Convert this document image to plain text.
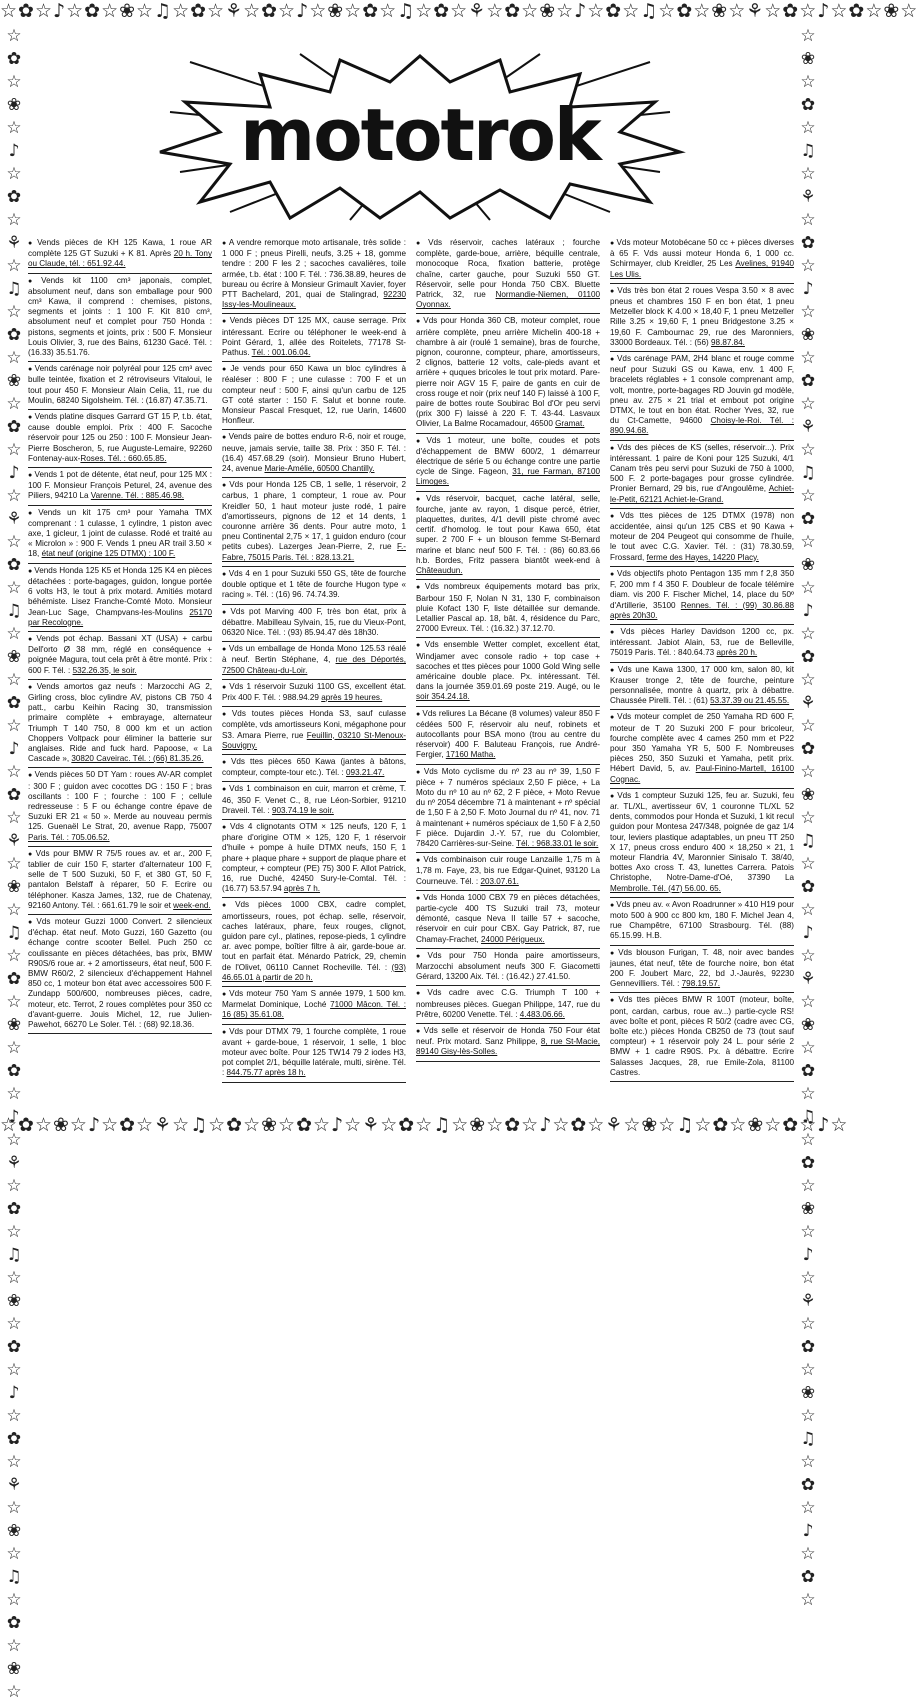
☆✿☆♪☆✿☆❀☆♫☆✿☆⚘☆✿☆♪☆❀☆✿☆♫☆✿☆⚘☆✿☆❀☆♪☆✿☆♫☆✿☆❀☆⚘☆✿☆♪☆✿☆❀☆
☆✿☆❀☆♪☆✿☆⚘☆♫☆✿☆❀☆✿☆♪☆⚘☆✿☆♫☆❀☆✿☆♪☆✿☆⚘☆❀☆♫☆✿☆❀☆✿☆♪☆
☆✿☆❀☆♪☆✿☆⚘☆♫☆✿☆❀☆✿☆♪☆⚘☆✿☆♫☆❀☆✿☆♪☆✿☆⚘☆❀☆♫☆✿☆❀☆✿☆♪☆⚘☆✿☆♫☆❀☆✿☆♪☆✿☆⚘☆❀☆♫☆✿☆❀☆	☆❀☆✿☆♫☆⚘☆✿☆♪☆❀☆✿☆⚘☆♫☆✿☆❀☆♪☆✿☆⚘☆✿☆❀☆♫☆✿☆♪☆⚘☆❀☆✿☆♫☆✿☆❀☆♪☆⚘☆✿☆❀☆♫☆✿☆♪☆✿☆
mototrok
● Vends pièces de KH 125 Kawa, 1 roue AR complète 125 GT Suzuki + K 81. Après 20 h. Tony ou Claude, tél. : 651.92.44.
● Vends kit 1100 cm³ japonais, complet, absolument neuf, dans son emballage pour 900 cm³ Kawa, il comprend : chemises, pistons, segments et joints : 1 100 F. Kit 810 cm³, absolument neuf et complet pour 750 Honda : pistons, segments et joints, prix : 500 F. Monsieur Louis Olivier, 3, rue des Bains, 61230 Gacé. Tél. : (16.33) 35.51.76.
● Vends carénage noir polyréal pour 125 cm³ avec bulle teintée, fixation et 2 rétroviseurs Vitaloui, le tout pour 450 F. Monsieur Alain Celia, 11, rue du Moulin, 68240 Sigolsheim. Tél. : (16.87) 47.35.71.
● Vends platine disques Garrard GT 15 P, t.b. état, cause double emploi. Prix : 400 F. Sacoche réservoir pour 125 ou 250 : 100 F. Monsieur Jean-Pierre Boscheron, 5, rue Auguste-Lemaire, 92260 Fontenay-aux-Roses. Tél. : 660.65.85.
● Vends 1 pot de détente, état neuf, pour 125 MX : 100 F. Monsieur François Peturel, 24, avenue des Piliers, 94210 La Varenne. Tél. : 885.46.98.
● Vends un kit 175 cm³ pour Yamaha TMX comprenant : 1 culasse, 1 cylindre, 1 piston avec axe, 1 gicleur, 1 joint de culasse. Rodé et traité au « Microlon » : 900 F. Vends 1 pneu AR trail 3.50 × 18, état neuf (origine 125 DTMX) : 100 F.
● Vends Honda 125 K5 et Honda 125 K4 en pièces détachées : porte-bagages, guidon, longue portée 6 volts H3, le tout à prix motard. Amitiés motard béhémiste. Lisez Franche-Comté Moto. Monsieur Jean-Luc Sage, Champvans-les-Moulins 25170 par Recologne.
● Vends pot échap. Bassani XT (USA) + carbu Dell'orto Ø 38 mm, réglé en conséquence + poignée Magura, tout cela prêt à être monté. Prix : 600 F. Tél. : 532.26.35, le soir.
● Vends amortos gaz neufs : Marzocchi AG 2, Girling cross, bloc cylindre AV, pistons CB 750 4 patt., carbu Keihin Racing 30, transmission primaire complète + embrayage, alternateur Triumph T 140 750, 8 000 km et un action Choppers Voltpack pour éliminer la batterie sur anglaises. Ride and fuck hard. Papoose, « La Cascade », 30820 Caveirac. Tél. : (66) 81.35.26.
● Vends pièces 50 DT Yam : roues AV-AR complet : 300 F ; guidon avec cocottes DG : 150 F ; bras oscillants : 100 F ; fourche : 100 F ; cellule redresseuse : 5 F ou échange contre épave de Suzuki ER 21 « 50 ». Merde au nouveau permis 125. Guenaël Le Strat, 20, avenue Rapp, 75007 Paris. Tél. : 705.06.52.
● Vds pour BMW R 75/5 roues av. et ar., 200 F, tablier de cuir 150 F, starter d'alternateur 100 F, selle de T 500 Suzuki, 50 F, et 380 GT, 50 F, pantalon Belstaff à réparer, 50 F. Ecrire ou téléphoner. Kasza James, 132, rue de Chatenay, 92160 Antony. Tél. : 661.61.79 le soir et week-end.
● Vds moteur Guzzi 1000 Convert. 2 silencieux d'échap. état neuf. Moto Guzzi, 160 Gazetto (ou échange contre scooter Bellel. Puch 250 cc coulissante en pièces détachées, bas prix, BMW R90S/6 roue ar. + 2 amortisseurs, état neuf, 500 F. BMW R60/2, 2 silencieux d'échappement Hahnel 850 cc, 1 moteur bon état avec accessoires 500 F. Zundapp 500/600, nombreuses pièces, cadre, moteur, etc. Terrot, 2 roues complètes pour 350 cc d'avant-guerre. Jouis Michel, 12, rue Julien-Pawehot, 66270 Le Soler. Tél. : (68) 92.18.36.
● A vendre remorque moto artisanale, très solide : 1 000 F ; pneus Pirelli, neufs, 3.25 + 18, gomme tendre : 200 F les 2 ; sacoches cavalières, toile armée, t.b. état : 100 F. Tél. : 736.38.89, heures de bureau ou écrire à Monsieur Grimault Xavier, foyer PTT Bachelard, 201, quai de Stalingrad, 92230 Issy-les-Moulineaux.
● Vends pièces DT 125 MX, cause serrage. Prix intéressant. Ecrire ou téléphoner le week-end à Point Gérard, 1, allée des Roitelets, 77178 St-Pathus. Tél. : 001.06.04.
● Je vends pour 650 Kawa un bloc cylindres à réaléser : 800 F ; une culasse : 700 F et un compteur neuf : 500 F, ainsi qu'un carbu de 125 GT coté starter : 150 F. Salut et bonne route. Monsieur Pascal Fresquet, 12, rue Uarin, 14600 Honfleur.
● Vends paire de bottes enduro R-6, noir et rouge, neuve, jamais servie, taille 38. Prix : 350 F. Tél. : (16.4) 457.68.29 (soir). Monsieur Bruno Hubert, 24, avenue Marie-Amélie, 60500 Chantilly.
● Vds pour Honda 125 CB, 1 selle, 1 réservoir, 2 carbus, 1 phare, 1 compteur, 1 roue av. Pour Kreidler 50, 1 haut moteur juste rodé, 1 paire d'amortisseurs, pignons de 12 et 14 dents, 1 couronne arrière 36 dents. Pour autre moto, 1 pneu Continental 2,75 × 17, 1 guidon enduro (cour petits cubes). Lazerges Jean-Pierre, 2, rue F.-Fabre, 75015 Paris. Tél. : 828.13.21.
● Vds 4 en 1 pour Suzuki 550 GS, tête de fourche double optique et 1 tête de fourche Hugon type « racing ». Tél. : (16) 96. 74.74.39.
● Vds pot Marving 400 F, très bon état, prix à débattre. Mabilleau Sylvain, 15, rue du Vieux-Pont, 06320 Nice. Tél. : (93) 85.94.47 dès 18h30.
● Vds un emballage de Honda Mono 125.53 réalé à neuf. Bertin Stéphane, 4, rue des Déportés, 72500 Château-du-Loir.
● Vds 1 réservoir Suzuki 1100 GS, excellent état. Prix 400 F. Tél. : 988.94.29 après 19 heures.
● Vds toutes pièces Honda S3, sauf culasse complète, vds amortisseurs Koni, mégaphone pour S3. Amara Pierre, rue Feuillin, 03210 St-Menoux-Souvigny.
● Vds ttes pièces 650 Kawa (jantes à bâtons, compteur, compte-tour etc.). Tél. : 093.21.47.
● Vds 1 combinaison en cuir, marron et crème, T. 46, 350 F. Venet C., 8, rue Léon-Sorbier, 91210 Draveil. Tél. : 903.74.19 le soir.
● Vds 4 clignotants OTM × 125 neufs, 120 F, 1 phare d'origine OTM × 125, 120 F, 1 réservoir d'huile + pompe à huile DTMX neufs, 150 F, 1 phare + plaque phare + support de plaque phare et compteur, + compteur (PE) 75) 300 F. Allot Patrick, 16, rue Duché, 42450 Sury-le-Comtal. Tél. : (16.77) 53.57.94 après 7 h.
● Vds pièces 1000 CBX, cadre complet, amortisseurs, roues, pot échap. selle, réservoir, caches latéraux, phare, feux rouges, clignot, guidon pare cyl., platines, repose-pieds, 1 cylindre ar. avec pompe, boîtier filtre à air, garde-boue ar. tout en parfait état. Ménardo Patrick, 29, chemin de l'Olivet, 06110 Cannet Rocheville. Tél. : (93) 46.65.01 à partir de 20 h.
● Vds moteur 750 Yam S année 1979, 1 500 km. Marmelat Dominique, Loché 71000 Mâcon. Tél. : 16 (85) 35.61.08.
● Vds pour DTMX 79, 1 fourche complète, 1 roue avant + garde-boue, 1 réservoir, 1 selle, 1 bloc moteur avec boîte. Pour 125 TW14 79 2 iodes H3, pot complet 2/1, béquille latérale, multi, sirène. Tél. : 844.75.77 après 18 h.
● Vds réservoir, caches latéraux ; fourche complète, garde-boue, arrière, béquille centrale, monocoque Roca, fixation batterie, protège chaîne, carter gauche, pour Suzuki 550 GT. Réservoir, selle pour Honda 750 CBX. Bluette Patrick, 32, rue Normandie-Niemen, 01100 Oyonnax.
● Vds pour Honda 360 CB, moteur complet, roue arrière complète, pneu arrière Michelin 400-18 + chambre à air (roulé 1 semaine), bras de fourche, pignon, couronne, compteur, phare, amortisseurs, 2 clignos, batterie 12 volts, cale-pieds avant et arrière + quques bricoles le tout prix motard. Pare-pierre noir AGV 15 F, paire de gants en cuir de cross rouge et noir (prix neuf 140 F) laissé à 100 F, paire de bottes route Soubirac Bol d'Or peu servi (prix 300 F) laissé à 220 F. T. 43-44. Lasvaux Olivier, La Balme Rocamadour, 46500 Gramat.
● Vds 1 moteur, une boîte, coudes et pots d'échappement de BMW 600/2, 1 démarreur électrique de série 5 ou échange contre une partie cycle de Singe. Fageon, 31, rue Farman, 87100 Limoges.
● Vds réservoir, bacquet, cache latéral, selle, fourche, jante av. rayon, 1 disque percé, étrier, plaquettes, durites, 4/1 devill piste chromé avec certif. d'homolog. le tout pour Kawa 650, état super. 2 700 F + un blouson femme St-Bernard marine et blanc neuf 500 F. Tél. : (86) 60.83.66 h.b. Bordes, Fritz passera biantôt week-end à Châteaudun.
● Vds nombreux équipements motard bas prix, Barbour 150 F, Nolan N 31, 130 F, combinaison pluie Kofact 130 F, liste détaillée sur demande. Letallier Pascal ap. 18, bât. 4, résidence du Parc, 27000 Evreux. Tél. : (16.32.) 37.12.70.
● Vds ensemble Wetter complet, excellent état, Windjamer avec console radio + top case + sacoches et ttes pièces pour 1000 Gold Wing selle américaine double place. Px. intéressant. Tél. dans la journée 359.01.69 poste 219. Augé, ou le soir 354.24.18.
● Vds reliures La Bécane (8 volumes) valeur 850 F cédées 500 F, réservoir alu neuf, robinets et autocollants pour BSA mono (trou au centre du réservoir) 400 F. Baluteau François, rue André-Fergier, 17160 Matha.
● Vds Moto cyclisme du nº 23 au nº 39, 1,50 F pièce + 7 numéros spéciaux 2,50 F pièce, + La Moto du nº 10 au nº 62, 2 F pièce, + Moto Revue du nº 2054 décembre 71 à maintenant + nº spécial de 1,50 F à 2,50 F. Moto Journal du nº 41, nov. 71 à maintenant + numéros spéciaux de 1,50 F à 2,50 F pièce. Dujardin J.-Y. 57, rue du Colombier, 78420 Carrières-sur-Seine. Tél. : 968.33.01 le soir.
● Vds combinaison cuir rouge Lanzaille 1,75 m à 1,78 m. Faye, 23, bis rue Edgar-Quinet, 93120 La Courneuve. Tél. : 203.07.61.
● Vds Honda 1000 CBX 79 en pièces détachées, partie-cycle 400 TS Suzuki trail 73, moteur démonté, casque Neva II taille 57 + sacoche, réservoir en cuir pour CBX. Gay Patrick, 87, rue Chamay-Frachet, 24000 Périgueux.
● Vds pour 750 Honda paire amortisseurs, Marzocchi absolument neufs 300 F. Giacometti Gérard, 13200 Aix. Tél. : (16.42.) 27.41.50.
● Vds cadre avec C.G. Triumph T 100 + nombreuses pièces. Guegan Philippe, 147, rue du Prêtre, 60200 Venette. Tél. : 4.483.06.66.
● Vds selle et réservoir de Honda 750 Four état neuf. Prix motard. Sanz Philippe, 8, rue St-Macie, 89140 Gisy-lès-Solles.
● Vds moteur Motobécane 50 cc + pièces diverses à 65 F. Vds aussi moteur Honda 6, 1 000 cc. Schirmayer, club Kreidler, 25 Les Avelines, 91940 Les Ulis.
● Vds très bon état 2 roues Vespa 3.50 × 8 avec pneus et chambres 150 F en bon état, 1 pneu Metzeller block K 4.00 × 18,40 F, 1 pneu Metzeller Rille 3.25 × 19,60 F, 1 pneu Bridgestone 3.25 × 19,60 F. Cambournac 29, rue des Maronniers, 33000 Bordeaux. Tél. : (56) 98.87.84.
● Vds carénage PAM, 2H4 blanc et rouge comme neuf pour Suzuki GS ou Kawa, env. 1 400 F, bracelets réglables + 1 console comprenant amp, volt, montre, porte-bagages RD Jouvin gd modèle, pneu av. 275 × 21 trial et embout pot origine DTMX, le tout en bon état. Rocher Yves, 32, rue du Ct-Camette, 94600 Choisy-le-Roi. Tél. : 890.94.68.
● Vds des pièces de KS (selles, réservoir...). Prix intéressant. 1 paire de Koni pour 125 Suzuki, 4/1 Canam très peu servi pour Suzuki de 750 à 1000, 500 F. 2 porte-bagages pour grosse cylindrée. Pronier Bernard, 29 bis, rue d'Angoulême, Achiet-le-Petit, 62121 Achiet-le-Grand.
● Vds ttes pièces de 125 DTMX (1978) non accidentée, ainsi qu'un 125 CBS et 90 Kawa + moteur de 204 Peugeot qui consomme de l'huile, le tout avec C.G. Xavier. Tél. : (31) 78.30.59, Frossard, ferme des Hayes, 14220 Placy.
● Vds objectifs photo Pentagon 135 mm f 2,8 350 F, 200 mm f 4 350 F. Doubleur de focale télémire diam. vis 200 F. Fischer Michel, 14, place du 50º d'Artillerie, 35100 Rennes. Tél. : (99) 30.86.88 après 20h30.
● Vds pièces Harley Davidson 1200 cc, px. intéressant. Jabiot Alain, 53, rue de Belleville, 75019 Paris. Tél. : 840.64.73 après 20 h.
● Vds une Kawa 1300, 17 000 km, salon 80, kit Krauser tronge 2, tête de fourche, peinture personnalisée, montre à quartz, prix à débattre. Chaussée Pirelli. Tél. : (61) 53.37.39 ou 21.45.55.
● Vds moteur complet de 250 Yamaha RD 600 F, moteur de T 20 Suzuki 200 F pour bricoleur, fourche complète avec 4 cames 250 mm et P22 pour 350 Yamaha YR 5, 500 F. Nombreuses pièces 250, 350 Suzuki et Yamaha, petit prix. Hébert David, 5, av. Paul-Finino-Martell, 16100 Cognac.
● Vds 1 compteur Suzuki 125, feu ar. Suzuki, feu ar. TL/XL, avertisseur 6V, 1 couronne TL/XL 52 dents, commodos pour Honda et Suzuki, 1 kit recul guidon pour Montesa 247/348, poignée de gaz 1/4 tour, leviers plastique adaptables, un pneu TT 250 X 17, pneus cross enduro 400 × 18,250 × 21, 1 moteur Flandria 4V, Maronnier Sinisalo T. 38/40, bottes Axo cross T. 43, lunettes Carrera. Patois Christophe, Notre-Dame-d'Oé, 37390 La Membrolle. Tél. (47) 56.00. 65.
● Vds pneu av. « Avon Roadrunner » 410 H19 pour moto 500 à 900 cc 800 km, 180 F. Michel Jean 4, rue Champêtre, 67100 Strasbourg. Tél. (88) 65.15.99. H.B.
● Vds blouson Furigan, T. 48, noir avec bandes jaunes, état neuf, tête de fourche noire, bon état 200 F. Joubert Marc, 22, bd J.-Jaurès, 92230 Gennevilliers. Tél. : 798.19.57.
● Vds ttes pièces BMW R 100T (moteur, boîte, pont, cardan, carbus, roue av...) partie-cycle RS! avec boîte et pont, pièces R 50/2 (cadre avec CG, boîte etc.) pièces Honda CB250 de 73 (tout sauf compteur) + 1 réservoir poly 24 L. pour série 2 BMW + 1 cadre R90S. Px. à débattre. Ecrire Salasses Jacques, 28, rue Emile-Zola, 81100 Castres.
